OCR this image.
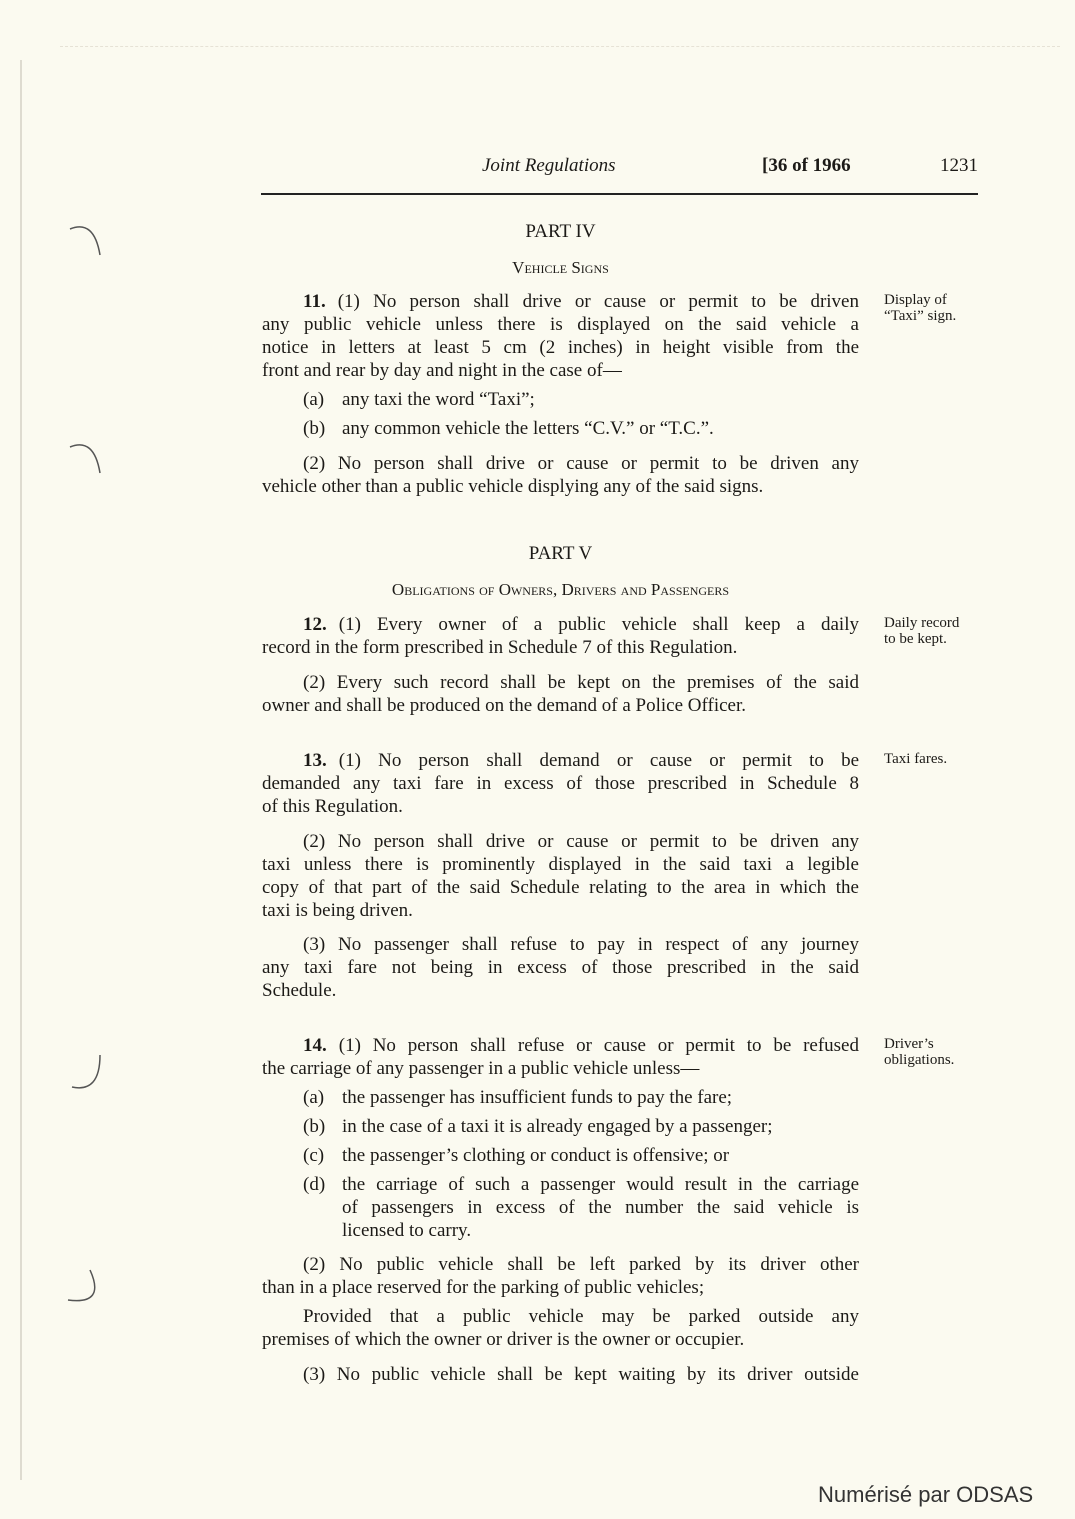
Joint Regulations	[36 of 1966	1231
PART IV
Vehicle Signs
PART V
Obligations of Owners, Drivers and Passengers
11. (1) No person shall drive or cause or permit to be driven
any public vehicle unless there is displayed on the said vehicle a
notice in letters at least 5 cm (2 inches) in height visible from the
front and rear by day and night in the case of—
any taxi the word “Taxi”;
(a)
any common vehicle the letters “C.V.” or “T.C.”.
(b)
(2) No person shall drive or cause or permit to be driven any
vehicle other than a public vehicle displying any of the said signs.
12. (1) Every owner of a public vehicle shall keep a daily
record in the form prescribed in Schedule 7 of this Regulation.
(2) Every such record shall be kept on the premises of the said
owner and shall be produced on the demand of a Police Officer.
13. (1) No person shall demand or cause or permit to be
demanded any taxi fare in excess of those prescribed in Schedule 8
of this Regulation.
(2) No person shall drive or cause or permit to be driven any
taxi unless there is prominently displayed in the said taxi a legible
copy of that part of the said Schedule relating to the area in which the
taxi is being driven.
(3) No passenger shall refuse to pay in respect of any journey
any taxi fare not being in excess of those prescribed in the said
Schedule.
14. (1) No person shall refuse or cause or permit to be refused
the carriage of any passenger in a public vehicle unless—
the passenger has insufficient funds to pay the fare;
(a)
in the case of a taxi it is already engaged by a passenger;
(b)
the passenger’s clothing or conduct is offensive; or
(c)
the carriage of such a passenger would result in the carriage
of passengers in excess of the number the said vehicle is
licensed to carry.
(d)
(2) No public vehicle shall be left parked by its driver other
than in a place reserved for the parking of public vehicles;
Provided that a public vehicle may be parked outside any
premises of which the owner or driver is the owner or occupier.
(3) No public vehicle shall be kept waiting by its driver outside
Display of
“Taxi” sign.
Daily record
to be kept.
Taxi fares.
Driver’s
obligations.
Numérisé par ODSAS
